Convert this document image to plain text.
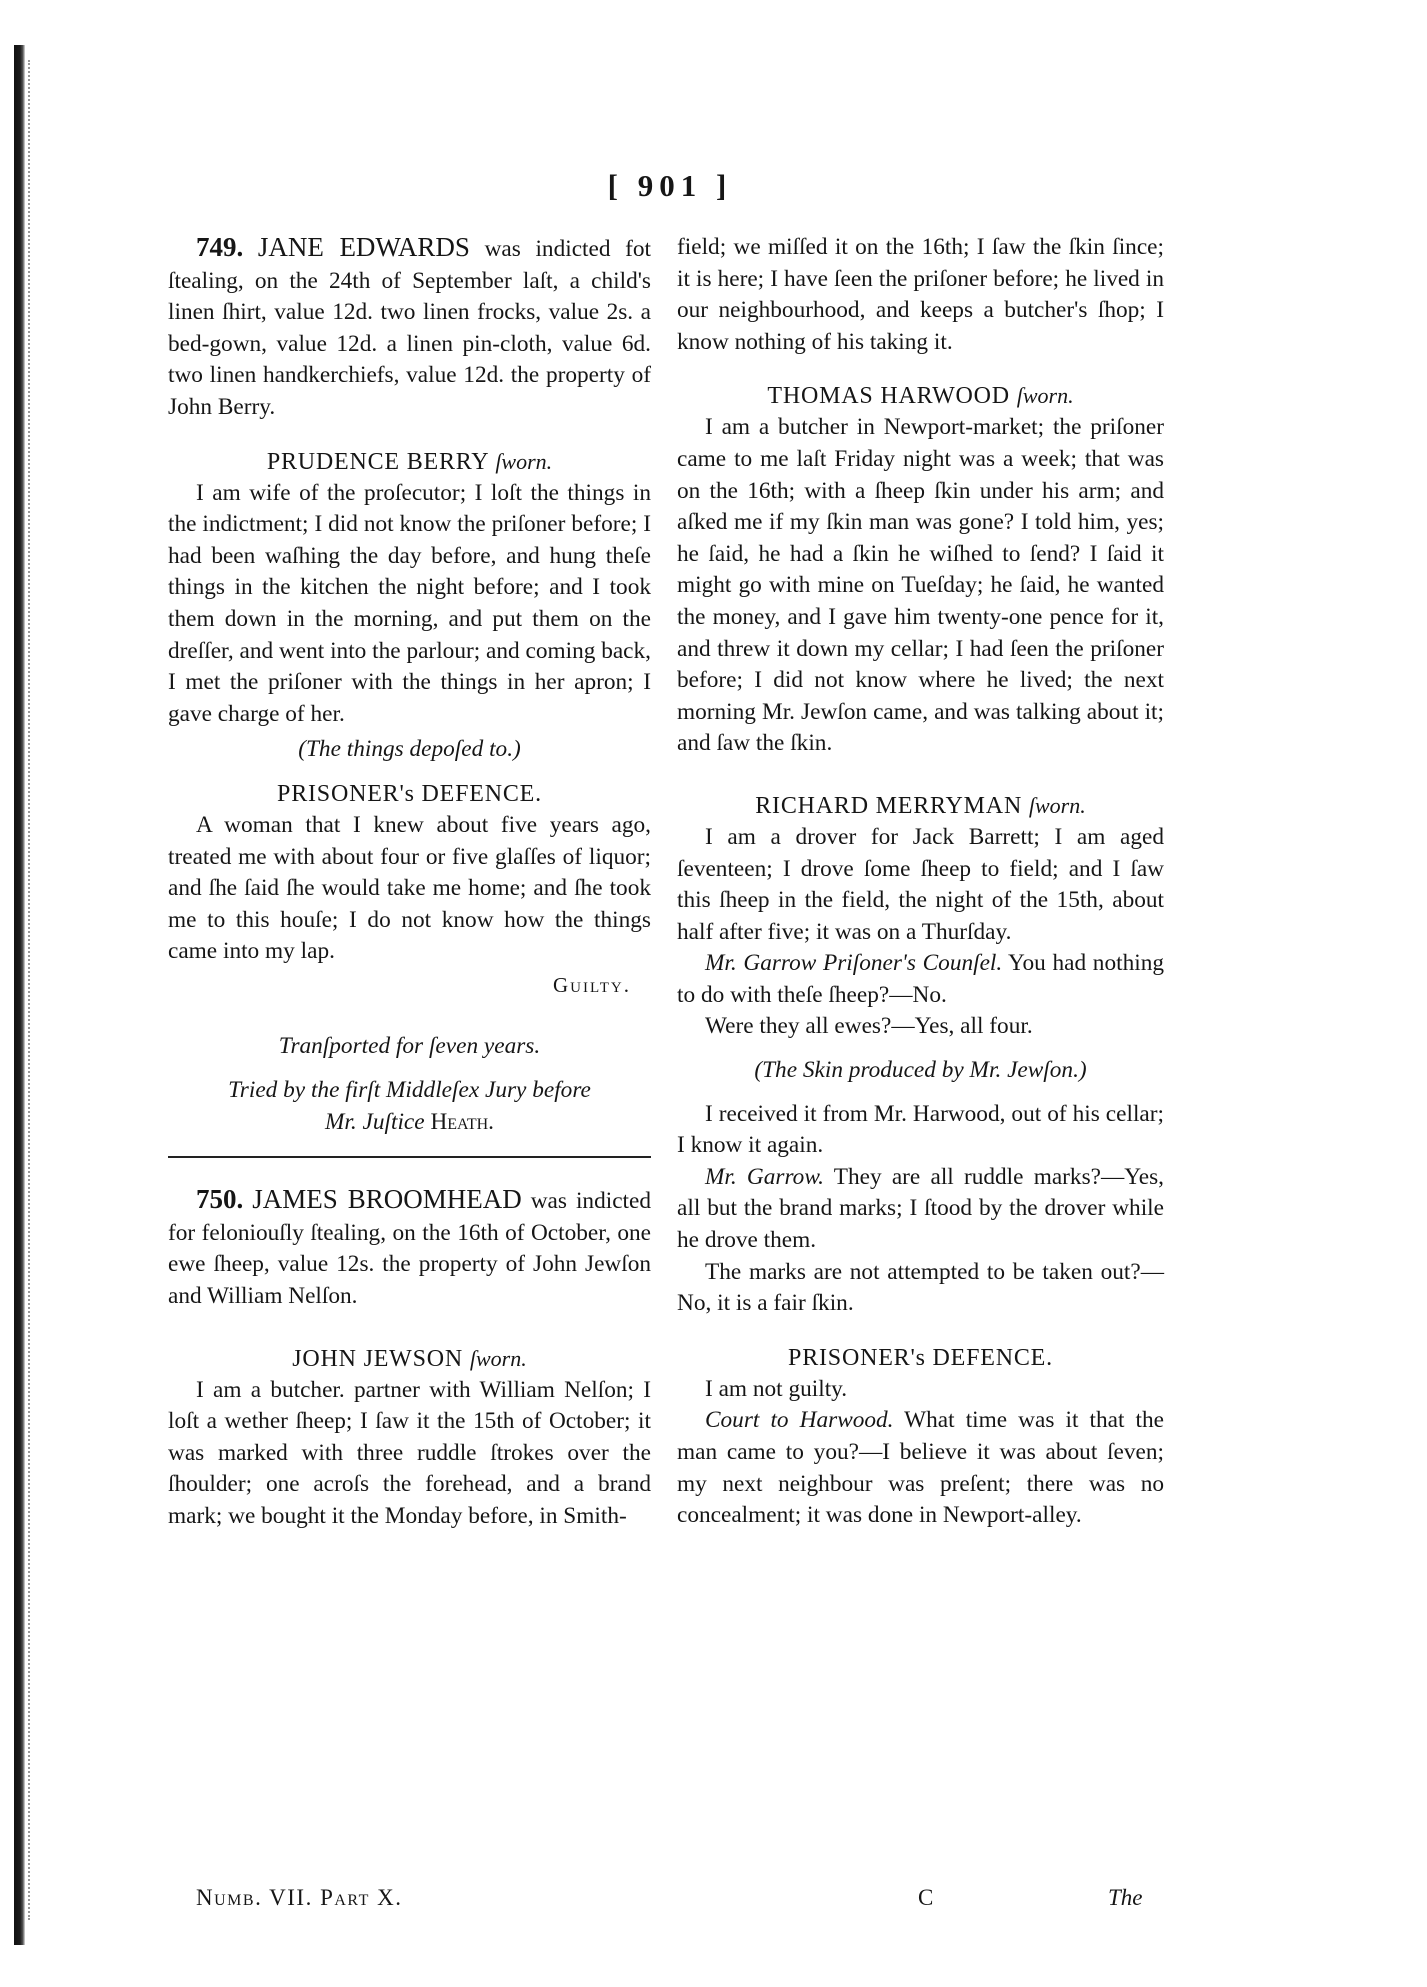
[ 901 ]

749. JANE EDWARDS was indicted fot ſtealing, on the 24th of September laſt, a child's linen ſhirt, value 12d. two linen frocks, value 2s. a bed-gown, value 12d. a linen pin-cloth, value 6d. two linen handkerchiefs, value 12d. the property of John Berry.

PRUDENCE BERRY ſworn.

I am wife of the proſecutor; I loſt the things in the indictment; I did not know the priſoner before; I had been waſhing the day before, and hung theſe things in the kitchen the night before; and I took them down in the morning, and put them on the dreſſer, and went into the parlour; and coming back, I met the priſoner with the things in her apron; I gave charge of her.

(The things depoſed to.)

PRISONER's DEFENCE.

A woman that I knew about five years ago, treated me with about four or five glaſſes of liquor; and ſhe ſaid ſhe would take me home; and ſhe took me to this houſe; I do not know how the things came into my lap.

Guilty.

Tranſported for ſeven years.

Tried by the firſt Middleſex Jury before Mr. Juſtice Heath.

750. JAMES BROOMHEAD was indicted for feloniouſly ſtealing, on the 16th of October, one ewe ſheep, value 12s. the property of John Jewſon and William Nelſon.

JOHN JEWSON ſworn.

I am a butcher. partner with William Nelſon; I loſt a wether ſheep; I ſaw it the 15th of October; it was marked with three ruddle ſtrokes over the ſhoulder; one acroſs the forehead, and a brand mark; we bought it the Monday before, in Smith-

field; we miſſed it on the 16th; I ſaw the ſkin ſince; it is here; I have ſeen the priſoner before; he lived in our neighbourhood, and keeps a butcher's ſhop; I know nothing of his taking it.

THOMAS HARWOOD ſworn.

I am a butcher in Newport-market; the priſoner came to me laſt Friday night was a week; that was on the 16th; with a ſheep ſkin under his arm; and aſked me if my ſkin man was gone? I told him, yes; he ſaid, he had a ſkin he wiſhed to ſend? I ſaid it might go with mine on Tueſday; he ſaid, he wanted the money, and I gave him twenty-one pence for it, and threw it down my cellar; I had ſeen the priſoner before; I did not know where he lived; the next morning Mr. Jewſon came, and was talking about it; and ſaw the ſkin.

RICHARD MERRYMAN ſworn.

I am a drover for Jack Barrett; I am aged ſeventeen; I drove ſome ſheep to field; and I ſaw this ſheep in the field, the night of the 15th, about half after five; it was on a Thurſday.

Mr. Garrow Priſoner's Counſel. You had nothing to do with theſe ſheep?—No.

Were they all ewes?—Yes, all four.

(The Skin produced by Mr. Jewſon.)

I received it from Mr. Harwood, out of his cellar; I know it again.

Mr. Garrow. They are all ruddle marks?—Yes, all but the brand marks; I ſtood by the drover while he drove them.

The marks are not attempted to be taken out?—No, it is a fair ſkin.

PRISONER's DEFENCE.

I am not guilty.

Court to Harwood. What time was it that the man came to you?—I believe it was about ſeven; my next neighbour was preſent; there was no concealment; it was done in Newport-alley.

Numb. VII. Part X.	C	The
